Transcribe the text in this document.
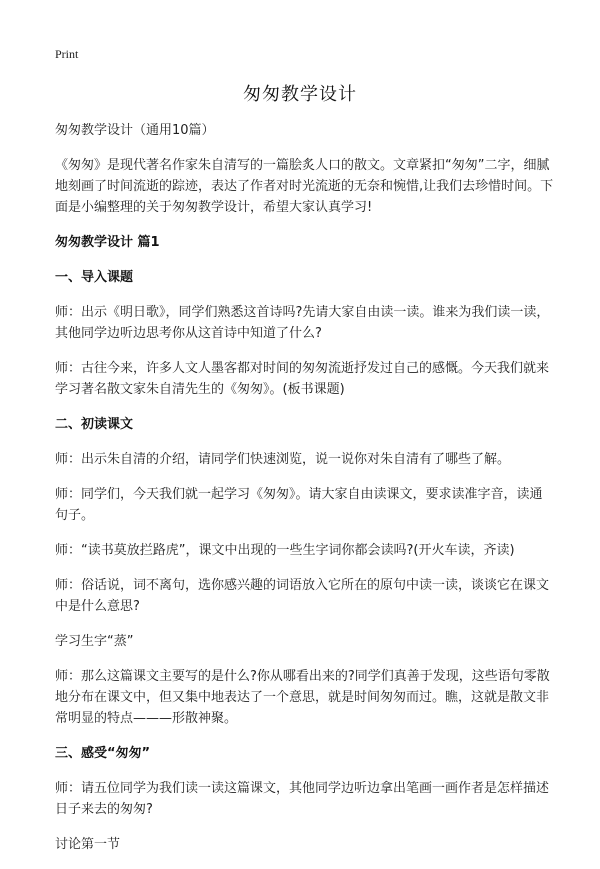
Print
匆匆教学设计

匆匆教学设计（通用10篇）

《匆匆》是现代著名作家朱自清写的一篇脍炙人口的散文。文章紧扣“匆匆”二字，细腻地刻画了时间流逝的踪迹，表达了作者对时光流逝的无奈和惋惜,让我们去珍惜时间。下面是小编整理的关于匆匆教学设计，希望大家认真学习!

匆匆教学设计 篇1

一、导入课题

师：出示《明日歌》，同学们熟悉这首诗吗?先请大家自由读一读。谁来为我们读一读，其他同学边听边思考你从这首诗中知道了什么?

师：古往今来，许多人文人墨客都对时间的匆匆流逝抒发过自己的感慨。今天我们就来学习著名散文家朱自清先生的《匆匆》。(板书课题)

二、初读课文

师：出示朱自清的介绍，请同学们快速浏览，说一说你对朱自清有了哪些了解。

师：同学们，今天我们就一起学习《匆匆》。请大家自由读课文，要求读准字音，读通句子。

师：“读书莫放拦路虎”，课文中出现的一些生字词你都会读吗?(开火车读，齐读)

师：俗话说，词不离句，选你感兴趣的词语放入它所在的原句中读一读，谈谈它在课文中是什么意思?

学习生字“蒸”

师：那么这篇课文主要写的是什么?你从哪看出来的?同学们真善于发现，这些语句零散地分布在课文中，但又集中地表达了一个意思，就是时间匆匆而过。瞧，这就是散文非常明显的特点———形散神聚。

三、感受“匆匆”

师：请五位同学为我们读一读这篇课文，其他同学边听边拿出笔画一画作者是怎样描述日子来去的匆匆?

讨论第一节
